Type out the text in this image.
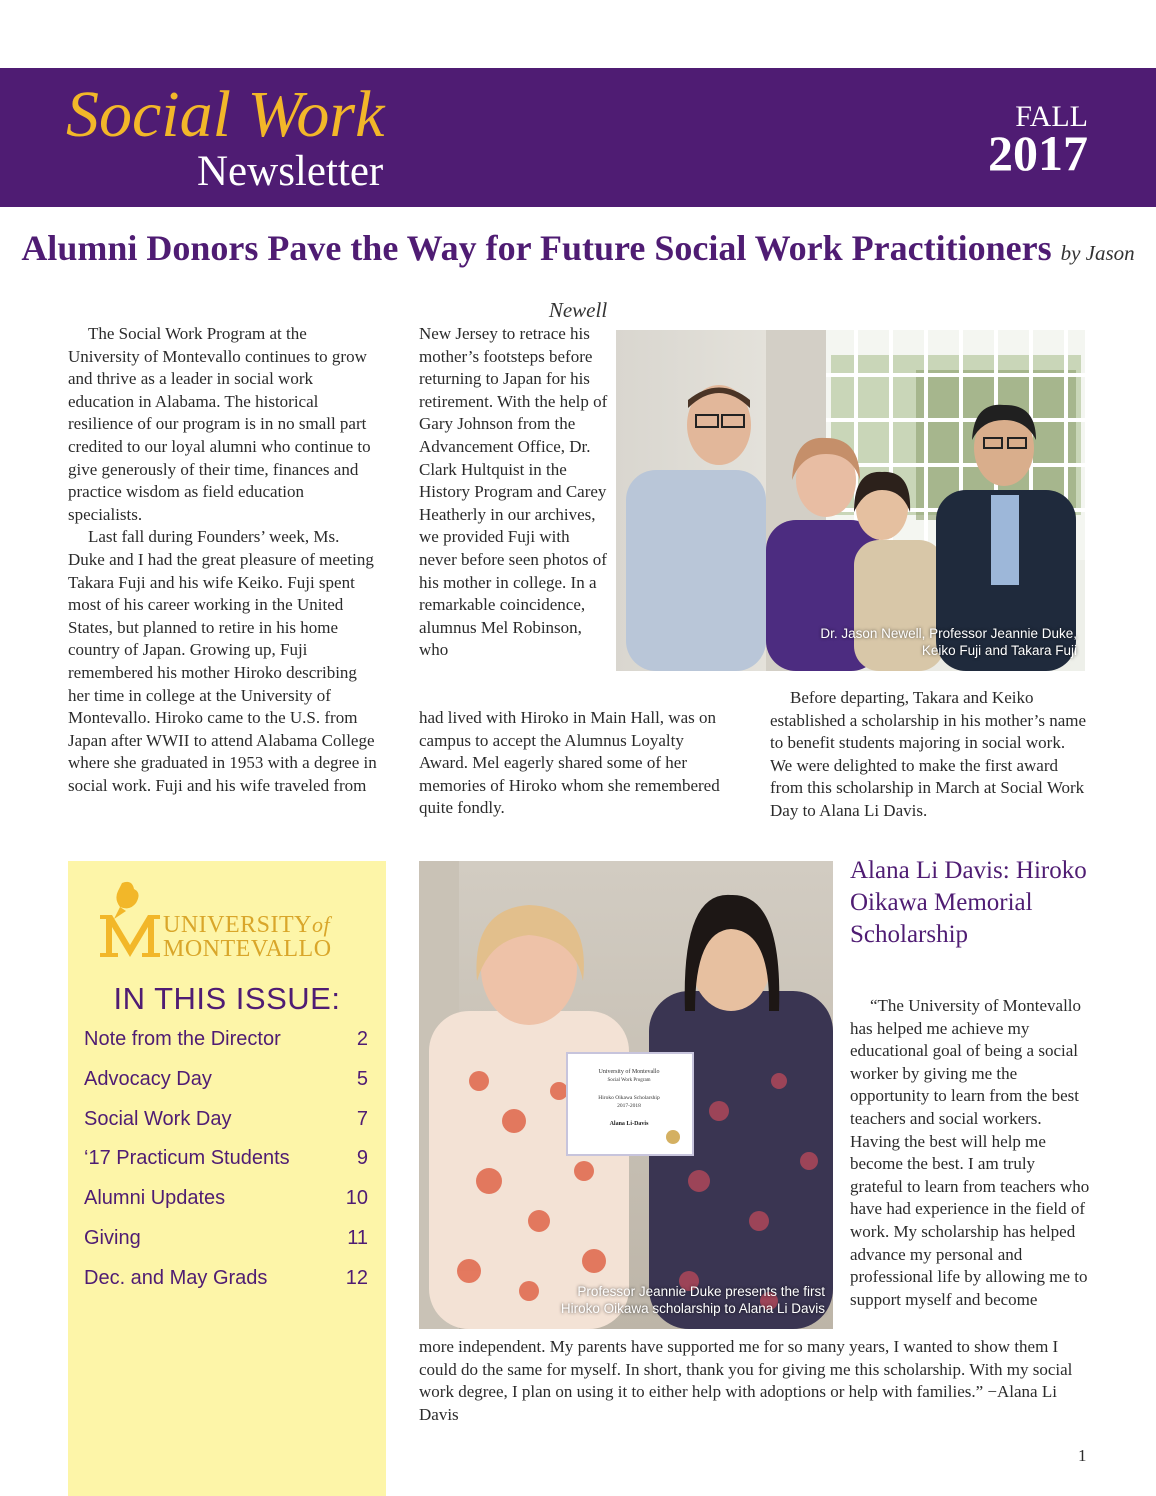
Social Work
Newsletter
FALL
2017
Alumni Donors Pave the Way for Future Social Work Practitioners by Jason Newell

The Social Work Program at the University of Montevallo continues to grow and thrive as a leader in social work education in Alabama. The historical resilience of our program is in no small part credited to our loyal alumni who continue to give generously of their time, finances and practice wisdom as field education specialists.

Last fall during Founders’ week, Ms. Duke and I had the great pleasure of meeting Takara Fuji and his wife Keiko. Fuji spent most of his career working in the United States, but planned to retire in his home country of Japan. Growing up, Fuji remembered his mother Hiroko describing her time in college at the University of Montevallo. Hiroko came to the U.S. from Japan after WWII to attend Alabama College where she graduated in 1953 with a degree in social work. Fuji and his wife traveled from

New Jersey to retrace his mother’s footsteps before returning to Japan for his retirement. With the help of Gary Johnson from the Advancement Office, Dr. Clark Hultquist in the History Program and Carey Heatherly in our archives, we provided Fuji with never before seen photos of his mother in college. In a remarkable coincidence, alumnus Mel Robinson, who
had lived with Hiroko in Main Hall, was on campus to accept the Alumnus Loyalty Award. Mel eagerly shared some of her memories of Hiroko whom she remembered quite fondly.
Dr. Jason Newell, Professor Jeannie Duke,
Keiko Fuji and Takara Fuji

Before departing, Takara and Keiko established a scholarship in his mother’s name to benefit students majoring in social work. We were delighted to make the first award from this scholarship in March at Social Work Day to Alana Li Davis.

UNIVERSITYof
MONTEVALLO
IN THIS ISSUE:
Note from the Director	2
Advocacy Day	5
Social Work Day	7
‘17 Practicum Students	9
Alumni Updates	10
Giving	11
Dec. and May Grads	12
University of Montevallo
Social Work Program
Hiroko Oikawa Scholarship
2017-2018
Alana Li-Davis
Professor Jeannie Duke presents the first
Hiroko Oikawa scholarship to Alana Li Davis
Alana Li Davis: Hiroko Oikawa Memorial Scholarship

“The University of Montevallo has helped me achieve my educational goal of being a social worker by giving me the opportunity to learn from the best teachers and social workers. Having the best will help me become the best. I am truly grateful to learn from teachers who have had experience in the field of work. My scholarship has helped advance my personal and professional life by allowing me to support myself and become

more independent. My parents have supported me for so many years, I wanted to show them I could do the same for myself. In short, thank you for giving me this scholarship. With my social work degree, I plan on using it to either help with adoptions or help with families.” −Alana Li Davis
1
